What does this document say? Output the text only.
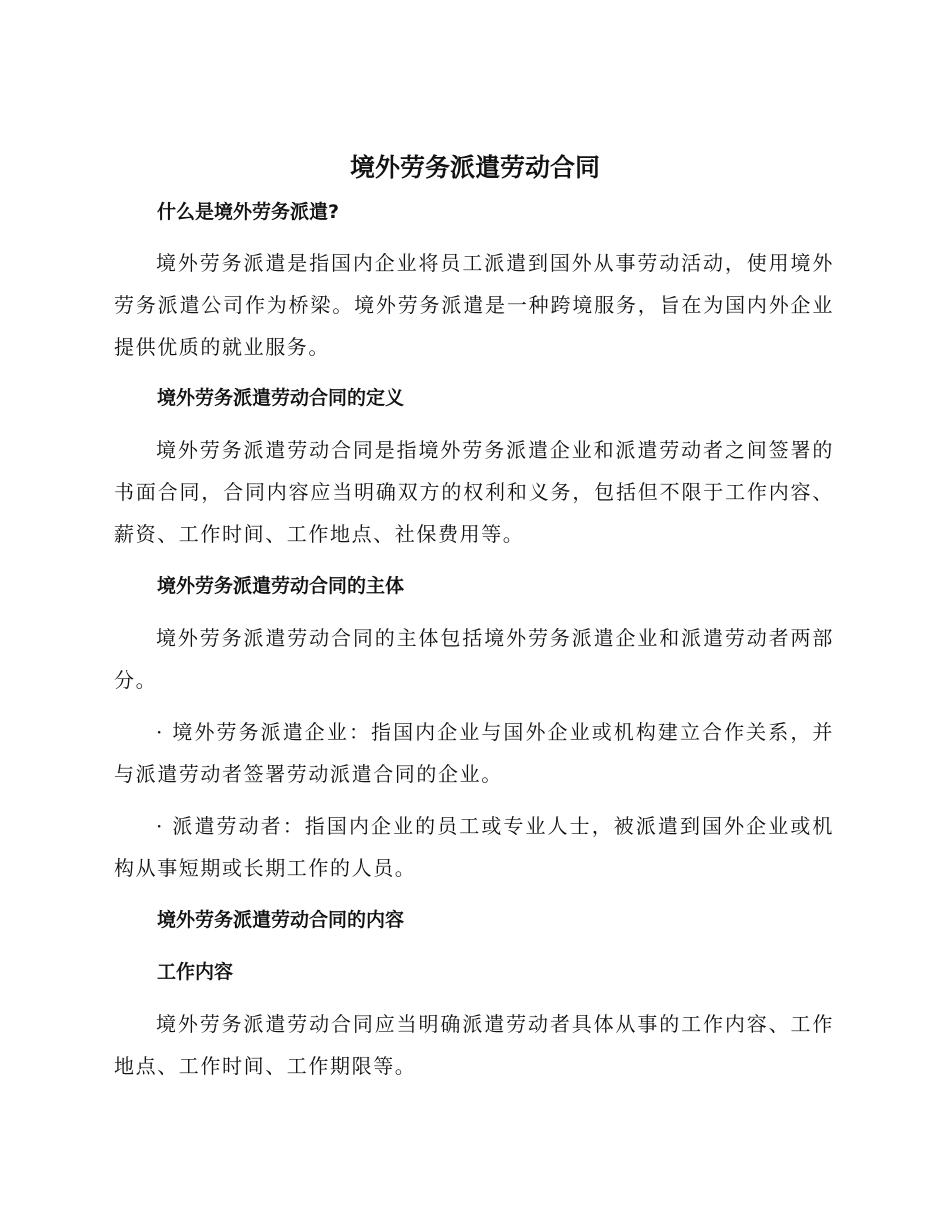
境外劳务派遣劳动合同
什么是境外劳务派遣?

境外劳务派遣是指国内企业将员工派遣到国外从事劳动活动，使用境外劳务派遣公司作为桥梁。境外劳务派遣是一种跨境服务，旨在为国内外企业提供优质的就业服务。

境外劳务派遣劳动合同的定义

境外劳务派遣劳动合同是指境外劳务派遣企业和派遣劳动者之间签署的书面合同，合同内容应当明确双方的权利和义务，包括但不限于工作内容、薪资、工作时间、工作地点、社保费用等。

境外劳务派遣劳动合同的主体

境外劳务派遣劳动合同的主体包括境外劳务派遣企业和派遣劳动者两部分。

· 境外劳务派遣企业：指国内企业与国外企业或机构建立合作关系，并与派遣劳动者签署劳动派遣合同的企业。

· 派遣劳动者：指国内企业的员工或专业人士，被派遣到国外企业或机构从事短期或长期工作的人员。

境外劳务派遣劳动合同的内容
工作内容

境外劳务派遣劳动合同应当明确派遣劳动者具体从事的工作内容、工作地点、工作时间、工作期限等。
